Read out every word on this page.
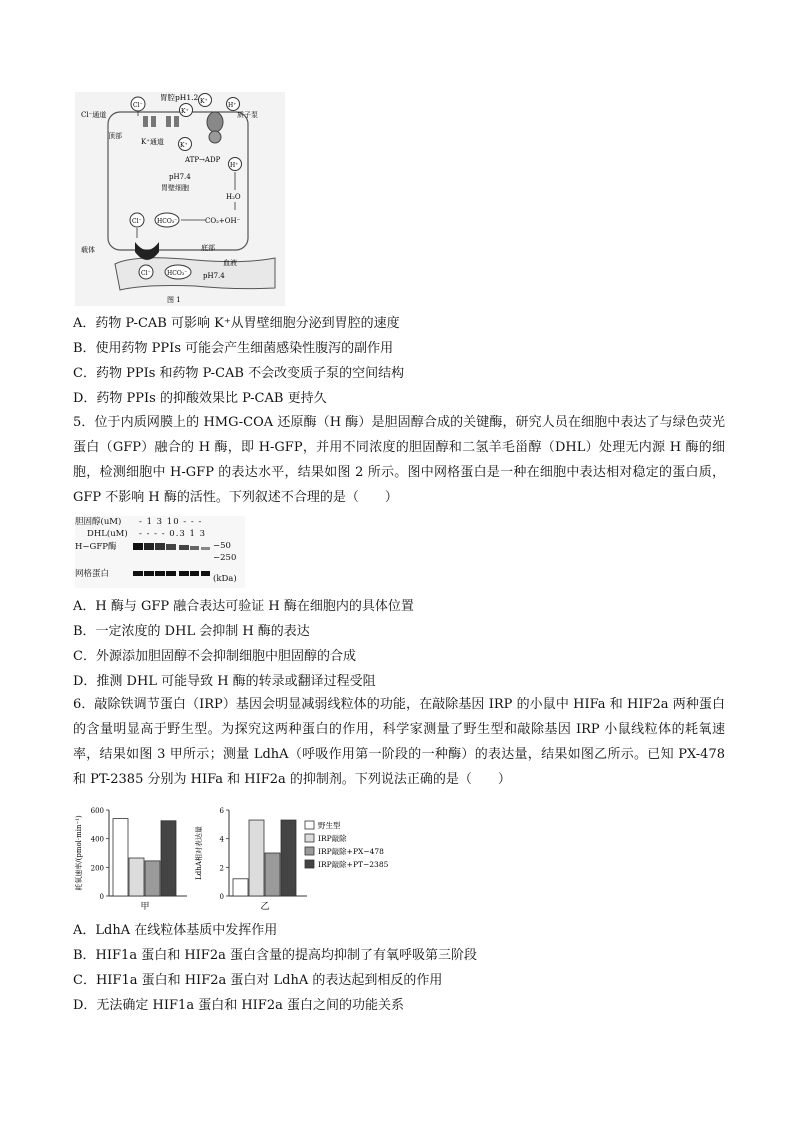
胃腔pH1.2
Cl⁻通道
顶部
K⁺通道
质子泵
ATP→ADP
pH7.4
胃壁细胞
H₂O
CO₂+OH⁻
载体	底部
血液
pH7.4
图 1
Cl⁻
K⁺
K⁺
H⁺
K⁺
H⁺
Cl⁻	HCO₃⁻
Cl⁻	HCO₃⁻
A．药物 P-CAB 可影响 K⁺从胃壁细胞分泌到胃腔的速度
B．使用药物 PPIs 可能会产生细菌感染性腹泻的副作用
C．药物 PPIs 和药物 P-CAB 不会改变质子泵的空间结构
D．药物 PPIs 的抑酸效果比 P-CAB 更持久
5．位于内质网膜上的 HMG-COA 还原酶（H 酶）是胆固醇合成的关键酶，研究人员在细胞中表达了与绿色荧光蛋白（GFP）融合的 H 酶，即 H-GFP，并用不同浓度的胆固醇和二氢羊毛甾醇（DHL）处理无内源 H 酶的细胞，检测细胞中 H-GFP 的表达水平，结果如图 2 所示。图中网格蛋白是一种在细胞中表达相对稳定的蛋白质，GFP 不影响 H 酶的活性。下列叙述不合理的是（　　）
胆固醇(uM) - 1 3 10 - - -
DHL(uM) - - - - 0.3 1 3
H−GFP酶
网格蛋白
−50
−250
(kDa)
A．H 酶与 GFP 融合表达可验证 H 酶在细胞内的具体位置
B．一定浓度的 DHL 会抑制 H 酶的表达
C．外源添加胆固醇不会抑制细胞中胆固醇的合成
D．推测 DHL 可能导致 H 酶的转录或翻译过程受阻
6．敲除铁调节蛋白（IRP）基因会明显减弱线粒体的功能，在敲除基因 IRP 的小鼠中 HIFa 和 HIF2a 两种蛋白的含量明显高于野生型。为探究这两种蛋白的作用，科学家测量了野生型和敲除基因 IRP 小鼠线粒体的耗氧速率，结果如图 3 甲所示；测量 LdhA（呼吸作用第一阶段的一种酶）的表达量，结果如图乙所示。已知 PX-478 和 PT-2385 分别为 HIFa 和 HIF2a 的抑制剂。下列说法正确的是（　　）
600
400
200
0
耗氧速率/(pmol·min⁻¹)
甲
6
4
2
0
LdhA相对表达量
乙
野生型
IRP敲除
IRP敲除+PX−478
IRP敲除+PT−2385
A．LdhA 在线粒体基质中发挥作用
B．HIF1a 蛋白和 HIF2a 蛋白含量的提高均抑制了有氧呼吸第三阶段
C．HIF1a 蛋白和 HIF2a 蛋白对 LdhA 的表达起到相反的作用
D．无法确定 HIF1a 蛋白和 HIF2a 蛋白之间的功能关系
